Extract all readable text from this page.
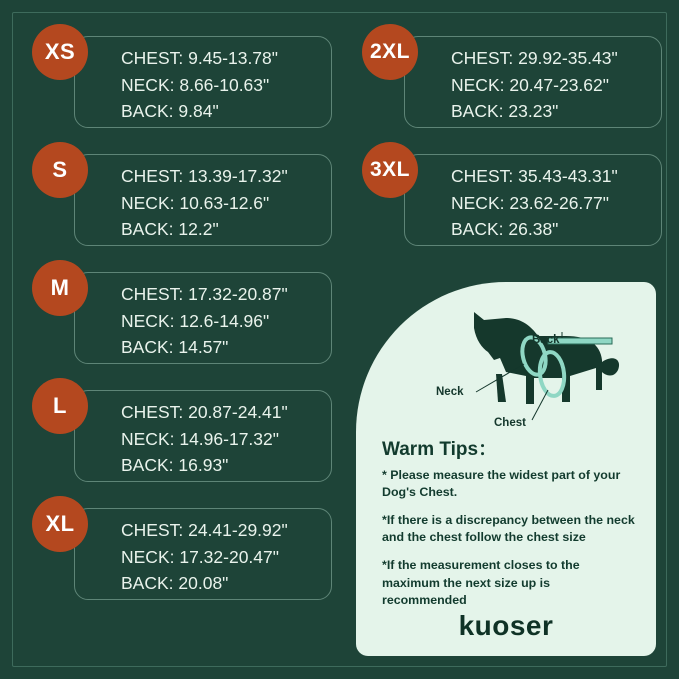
XS	CHEST: 9.45-13.78"
NECK: 8.66-10.63"
BACK: 9.84"
S	CHEST: 13.39-17.32"
NECK: 10.63-12.6"
BACK: 12.2"
M	CHEST: 17.32-20.87"
NECK: 12.6-14.96"
BACK: 14.57"
L	CHEST: 20.87-24.41"
NECK: 14.96-17.32"
BACK: 16.93"
XL	CHEST: 24.41-29.92"
NECK: 17.32-20.47"
BACK: 20.08"
2XL	CHEST: 29.92-35.43"
NECK: 20.47-23.62"
BACK: 23.23"
3XL	CHEST: 35.43-43.31"
NECK: 23.62-26.77"
BACK: 26.38"
Back
Neck
Chest
Warm Tips：
* Please measure the widest part of your Dog's Chest.
*If there is a discrepancy between the neck and the chest follow the chest size
*If the measurement closes to the maximum the next size up is recommended
kuoser
